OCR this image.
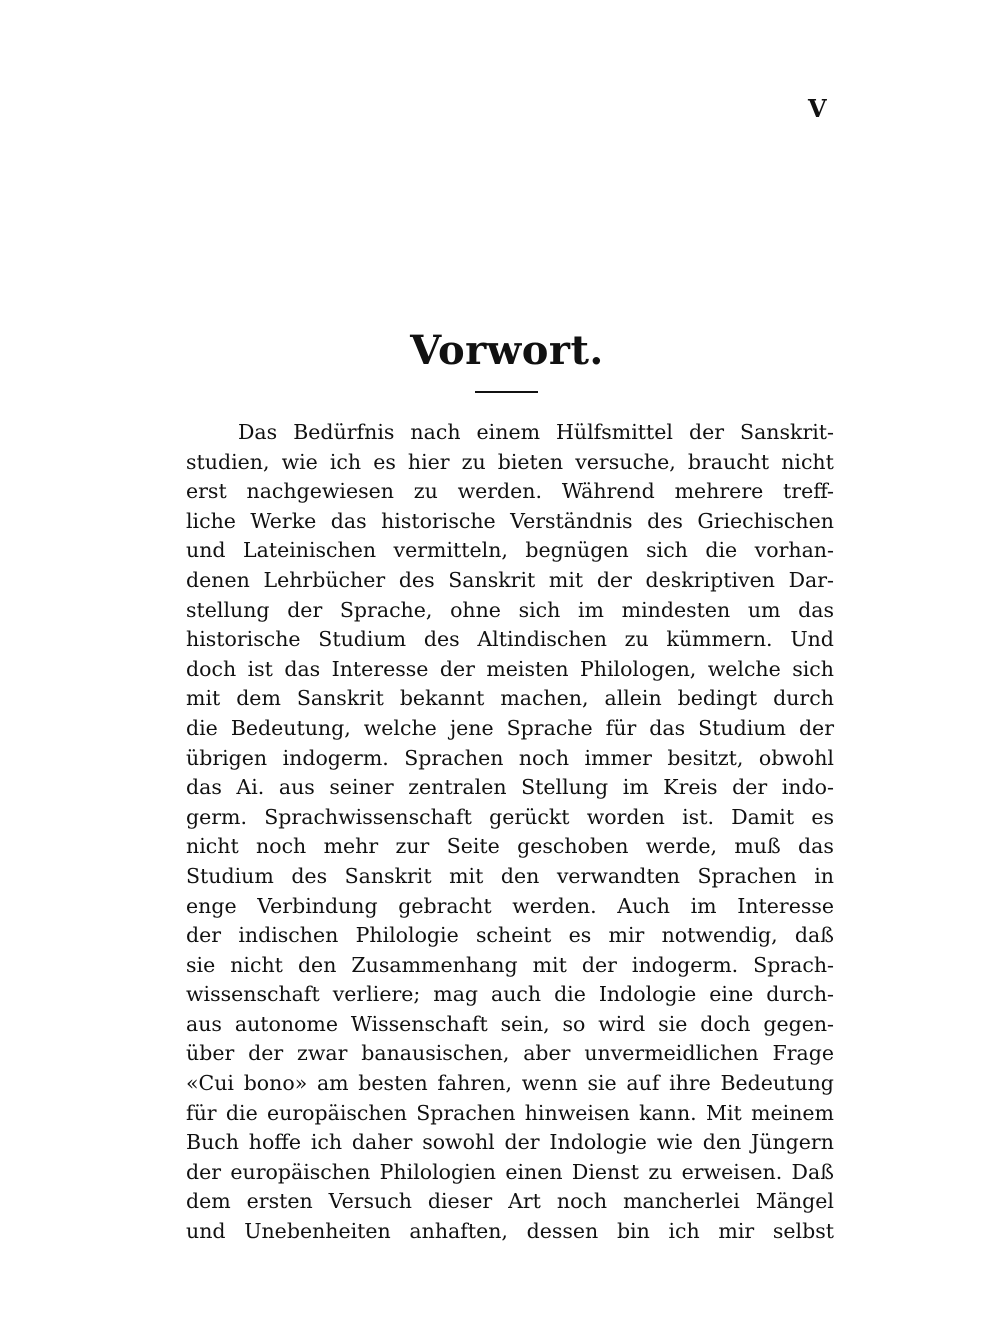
V
Vorwort.
Das Bedürfnis nach einem Hülfsmittel der Sanskrit-
studien, wie ich es hier zu bieten versuche, braucht nicht
erst nachgewiesen zu werden. Während mehrere treff-
liche Werke das historische Verständnis des Griechischen
und Lateinischen vermitteln, begnügen sich die vorhan-
denen Lehrbücher des Sanskrit mit der deskriptiven Dar-
stellung der Sprache, ohne sich im mindesten um das
historische Studium des Altindischen zu kümmern. Und
doch ist das Interesse der meisten Philologen, welche sich
mit dem Sanskrit bekannt machen, allein bedingt durch
die Bedeutung, welche jene Sprache für das Studium der
übrigen indogerm. Sprachen noch immer besitzt, obwohl
das Ai. aus seiner zentralen Stellung im Kreis der indo-
germ. Sprachwissenschaft gerückt worden ist. Damit es
nicht noch mehr zur Seite geschoben werde, muß das
Studium des Sanskrit mit den verwandten Sprachen in
enge Verbindung gebracht werden. Auch im Interesse
der indischen Philologie scheint es mir notwendig, daß
sie nicht den Zusammenhang mit der indogerm. Sprach-
wissenschaft verliere; mag auch die Indologie eine durch-
aus autonome Wissenschaft sein, so wird sie doch gegen-
über der zwar banausischen, aber unvermeidlichen Frage
«Cui bono» am besten fahren, wenn sie auf ihre Bedeutung
für die europäischen Sprachen hinweisen kann. Mit meinem
Buch hoffe ich daher sowohl der Indologie wie den Jüngern
der europäischen Philologien einen Dienst zu erweisen. Daß
dem ersten Versuch dieser Art noch mancherlei Mängel
und Unebenheiten anhaften, dessen bin ich mir selbst
